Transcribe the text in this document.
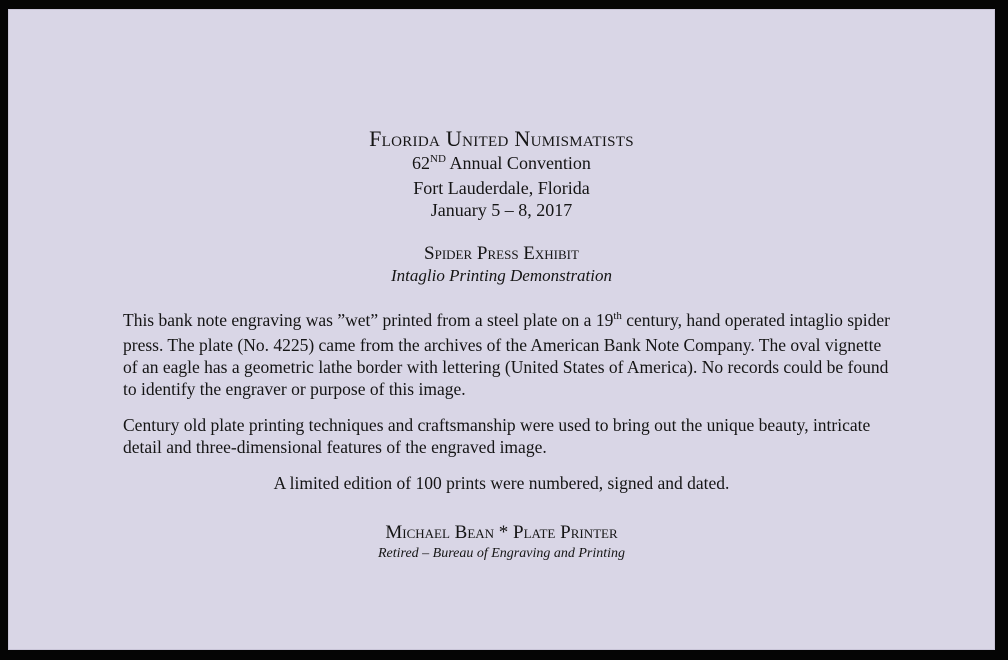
Florida United Numismatists
62ND Annual Convention
Fort Lauderdale, Florida
January 5 – 8, 2017
Spider Press Exhibit
Intaglio Printing Demonstration
This bank note engraving was ”wet” printed from a steel plate on a 19th century, hand operated intaglio spider press. The plate (No. 4225) came from the archives of the American Bank Note Company. The oval vignette of an eagle has a geometric lathe border with lettering (United States of America). No records could be found to identify the engraver or purpose of this image.
Century old plate printing techniques and craftsmanship were used to bring out the unique beauty, intricate detail and three-dimensional features of the engraved image.
A limited edition of 100 prints were numbered, signed and dated.
Michael Bean * Plate Printer
Retired – Bureau of Engraving and Printing
